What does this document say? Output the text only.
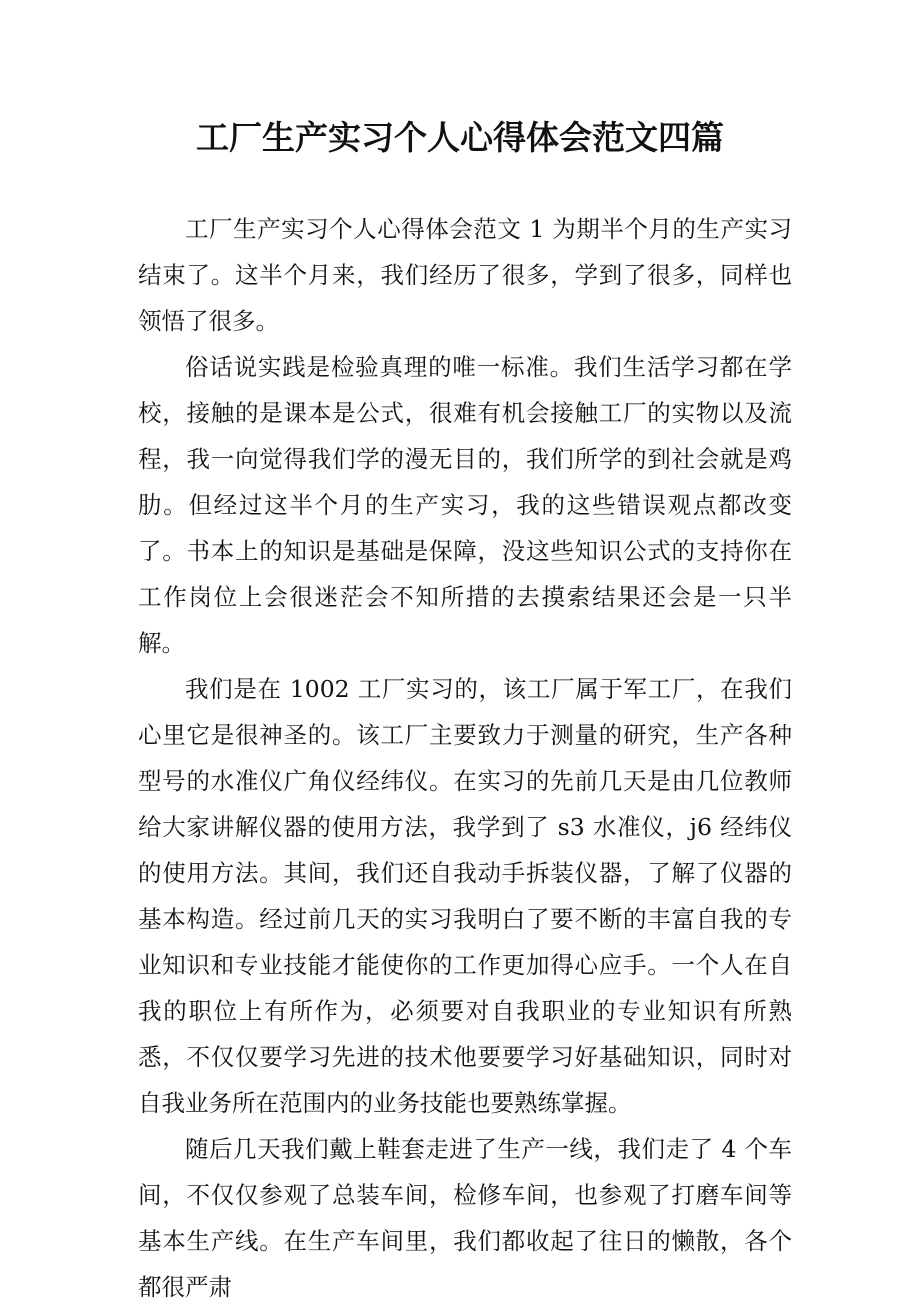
工厂生产实习个人心得体会范文四篇

工厂生产实习个人心得体会范文 1 为期半个月的生产实习结束了。这半个月来，我们经历了很多，学到了很多，同样也领悟了很多。

俗话说实践是检验真理的唯一标准。我们生活学习都在学校，接触的是课本是公式，很难有机会接触工厂的实物以及流程，我一向觉得我们学的漫无目的，我们所学的到社会就是鸡肋。但经过这半个月的生产实习，我的这些错误观点都改变了。书本上的知识是基础是保障，没这些知识公式的支持你在工作岗位上会很迷茫会不知所措的去摸索结果还会是一只半解。

我们是在 1002 工厂实习的，该工厂属于军工厂，在我们心里它是很神圣的。该工厂主要致力于测量的研究，生产各种型号的水准仪广角仪经纬仪。在实习的先前几天是由几位教师给大家讲解仪器的使用方法，我学到了 s3 水准仪，j6 经纬仪的使用方法。其间，我们还自我动手拆装仪器，了解了仪器的基本构造。经过前几天的实习我明白了要不断的丰富自我的专业知识和专业技能才能使你的工作更加得心应手。一个人在自我的职位上有所作为，必须要对自我职业的专业知识有所熟悉，不仅仅要学习先进的技术他要要学习好基础知识，同时对自我业务所在范围内的业务技能也要熟练掌握。

随后几天我们戴上鞋套走进了生产一线，我们走了 4 个车间，不仅仅参观了总装车间，检修车间，也参观了打磨车间等基本生产线。在生产车间里，我们都收起了往日的懒散，各个都很严肃
